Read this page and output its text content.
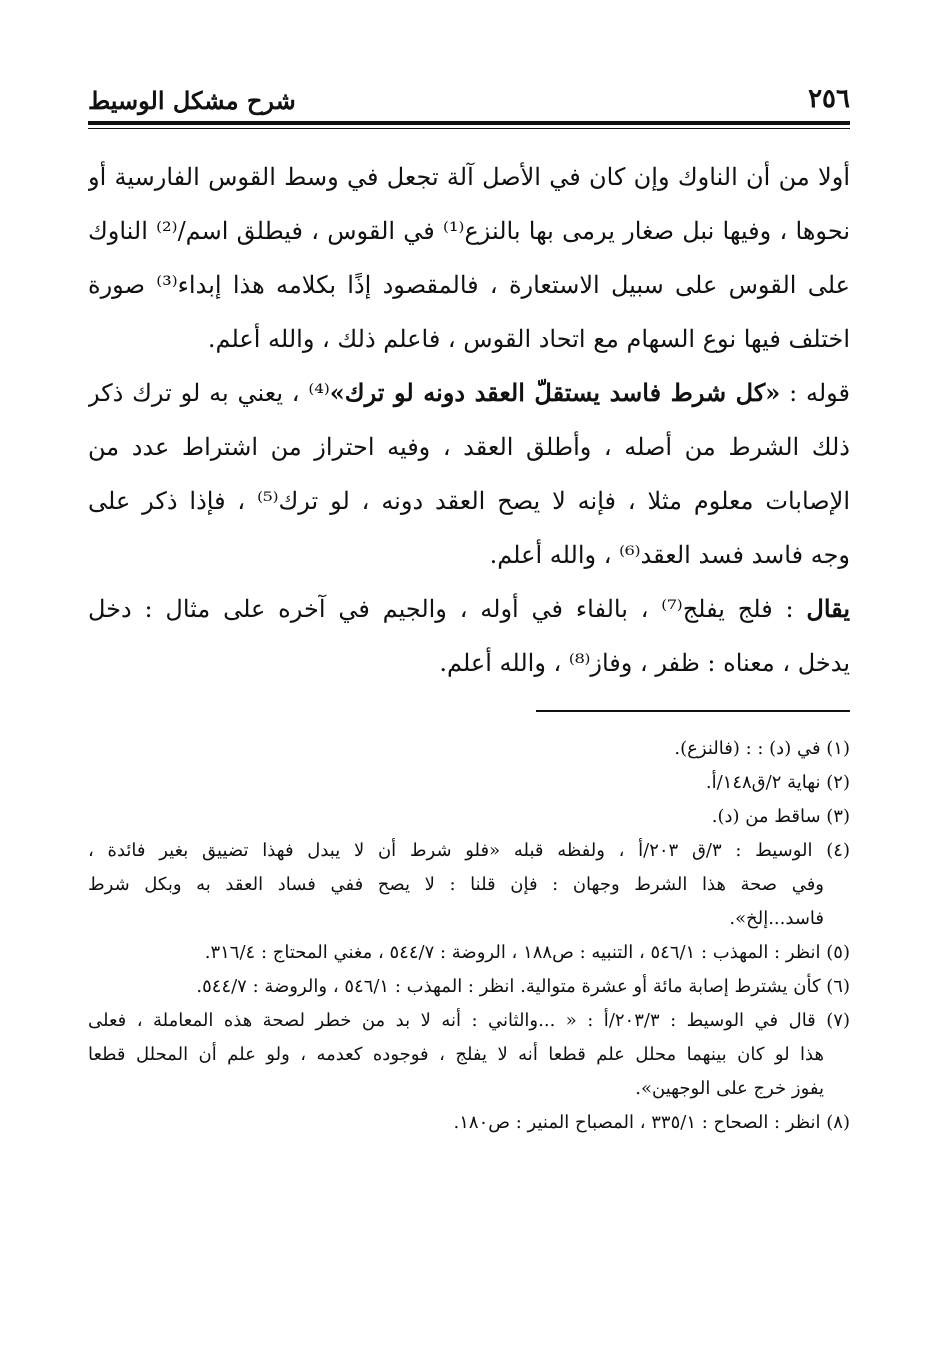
٢٥٦
شرح مشكل الوسيط
أولا من أن الناوك وإن كان في الأصل آلة تجعل في وسط القوس الفارسية أو
نحوها ، وفيها نبل صغار يرمى بها بالنزع⁽¹⁾ في القوس ، فيطلق اسم/⁽²⁾ الناوك
على القوس على سبيل الاستعارة ، فالمقصود إذًا بكلامه هذا إبداء⁽³⁾ صورة
اختلف فيها نوع السهام مع اتحاد القوس ، فاعلم ذلك ، والله أعلم.
قوله : «كل شرط فاسد يستقلّ العقد دونه لو ترك»⁽⁴⁾ ، يعني به لو ترك ذكر
ذلك الشرط من أصله ، وأطلق العقد ، وفيه احتراز من اشتراط عدد من
الإصابات معلوم مثلا ، فإنه لا يصح العقد دونه ، لو ترك⁽⁵⁾ ، فإذا ذكر على
وجه فاسد فسد العقد⁽⁶⁾ ، والله أعلم.
يقال : فلج يفلج⁽⁷⁾ ، بالفاء في أوله ، والجيم في آخره على مثال : دخل
يدخل ، معناه : ظفر ، وفاز⁽⁸⁾ ، والله أعلم.
(١) في (د) : : (فالنزع).
(٢) نهاية ٢/ق١٤٨/أ.
(٣) ساقط من (د).
(٤) الوسيط : ٣/ق ٢٠٣/أ ، ولفظه قبله «فلو شرط أن لا يبدل فهذا تضييق بغير فائدة ،
وفي صحة هذا الشرط وجهان : فإن قلنا : لا يصح ففي فساد العقد به وبكل شرط
فاسد...إلخ».
(٥) انظر : المهذب : ٥٤٦/١ ، التنبيه : ص١٨٨ ، الروضة : ٥٤٤/٧ ، مغني المحتاج : ٣١٦/٤.
(٦) كأن يشترط إصابة مائة أو عشرة متوالية. انظر : المهذب : ٥٤٦/١ ، والروضة : ٥٤٤/٧.
(٧) قال في الوسيط : ٢٠٣/٣/أ : « ...والثاني : أنه لا بد من خطر لصحة هذه المعاملة ، فعلى
هذا لو كان بينهما محلل علم قطعا أنه لا يفلج ، فوجوده كعدمه ، ولو علم أن المحلل قطعا
يفوز خرج على الوجهين».
(٨) انظر : الصحاح : ٣٣٥/١ ، المصباح المنير : ص١٨٠.
